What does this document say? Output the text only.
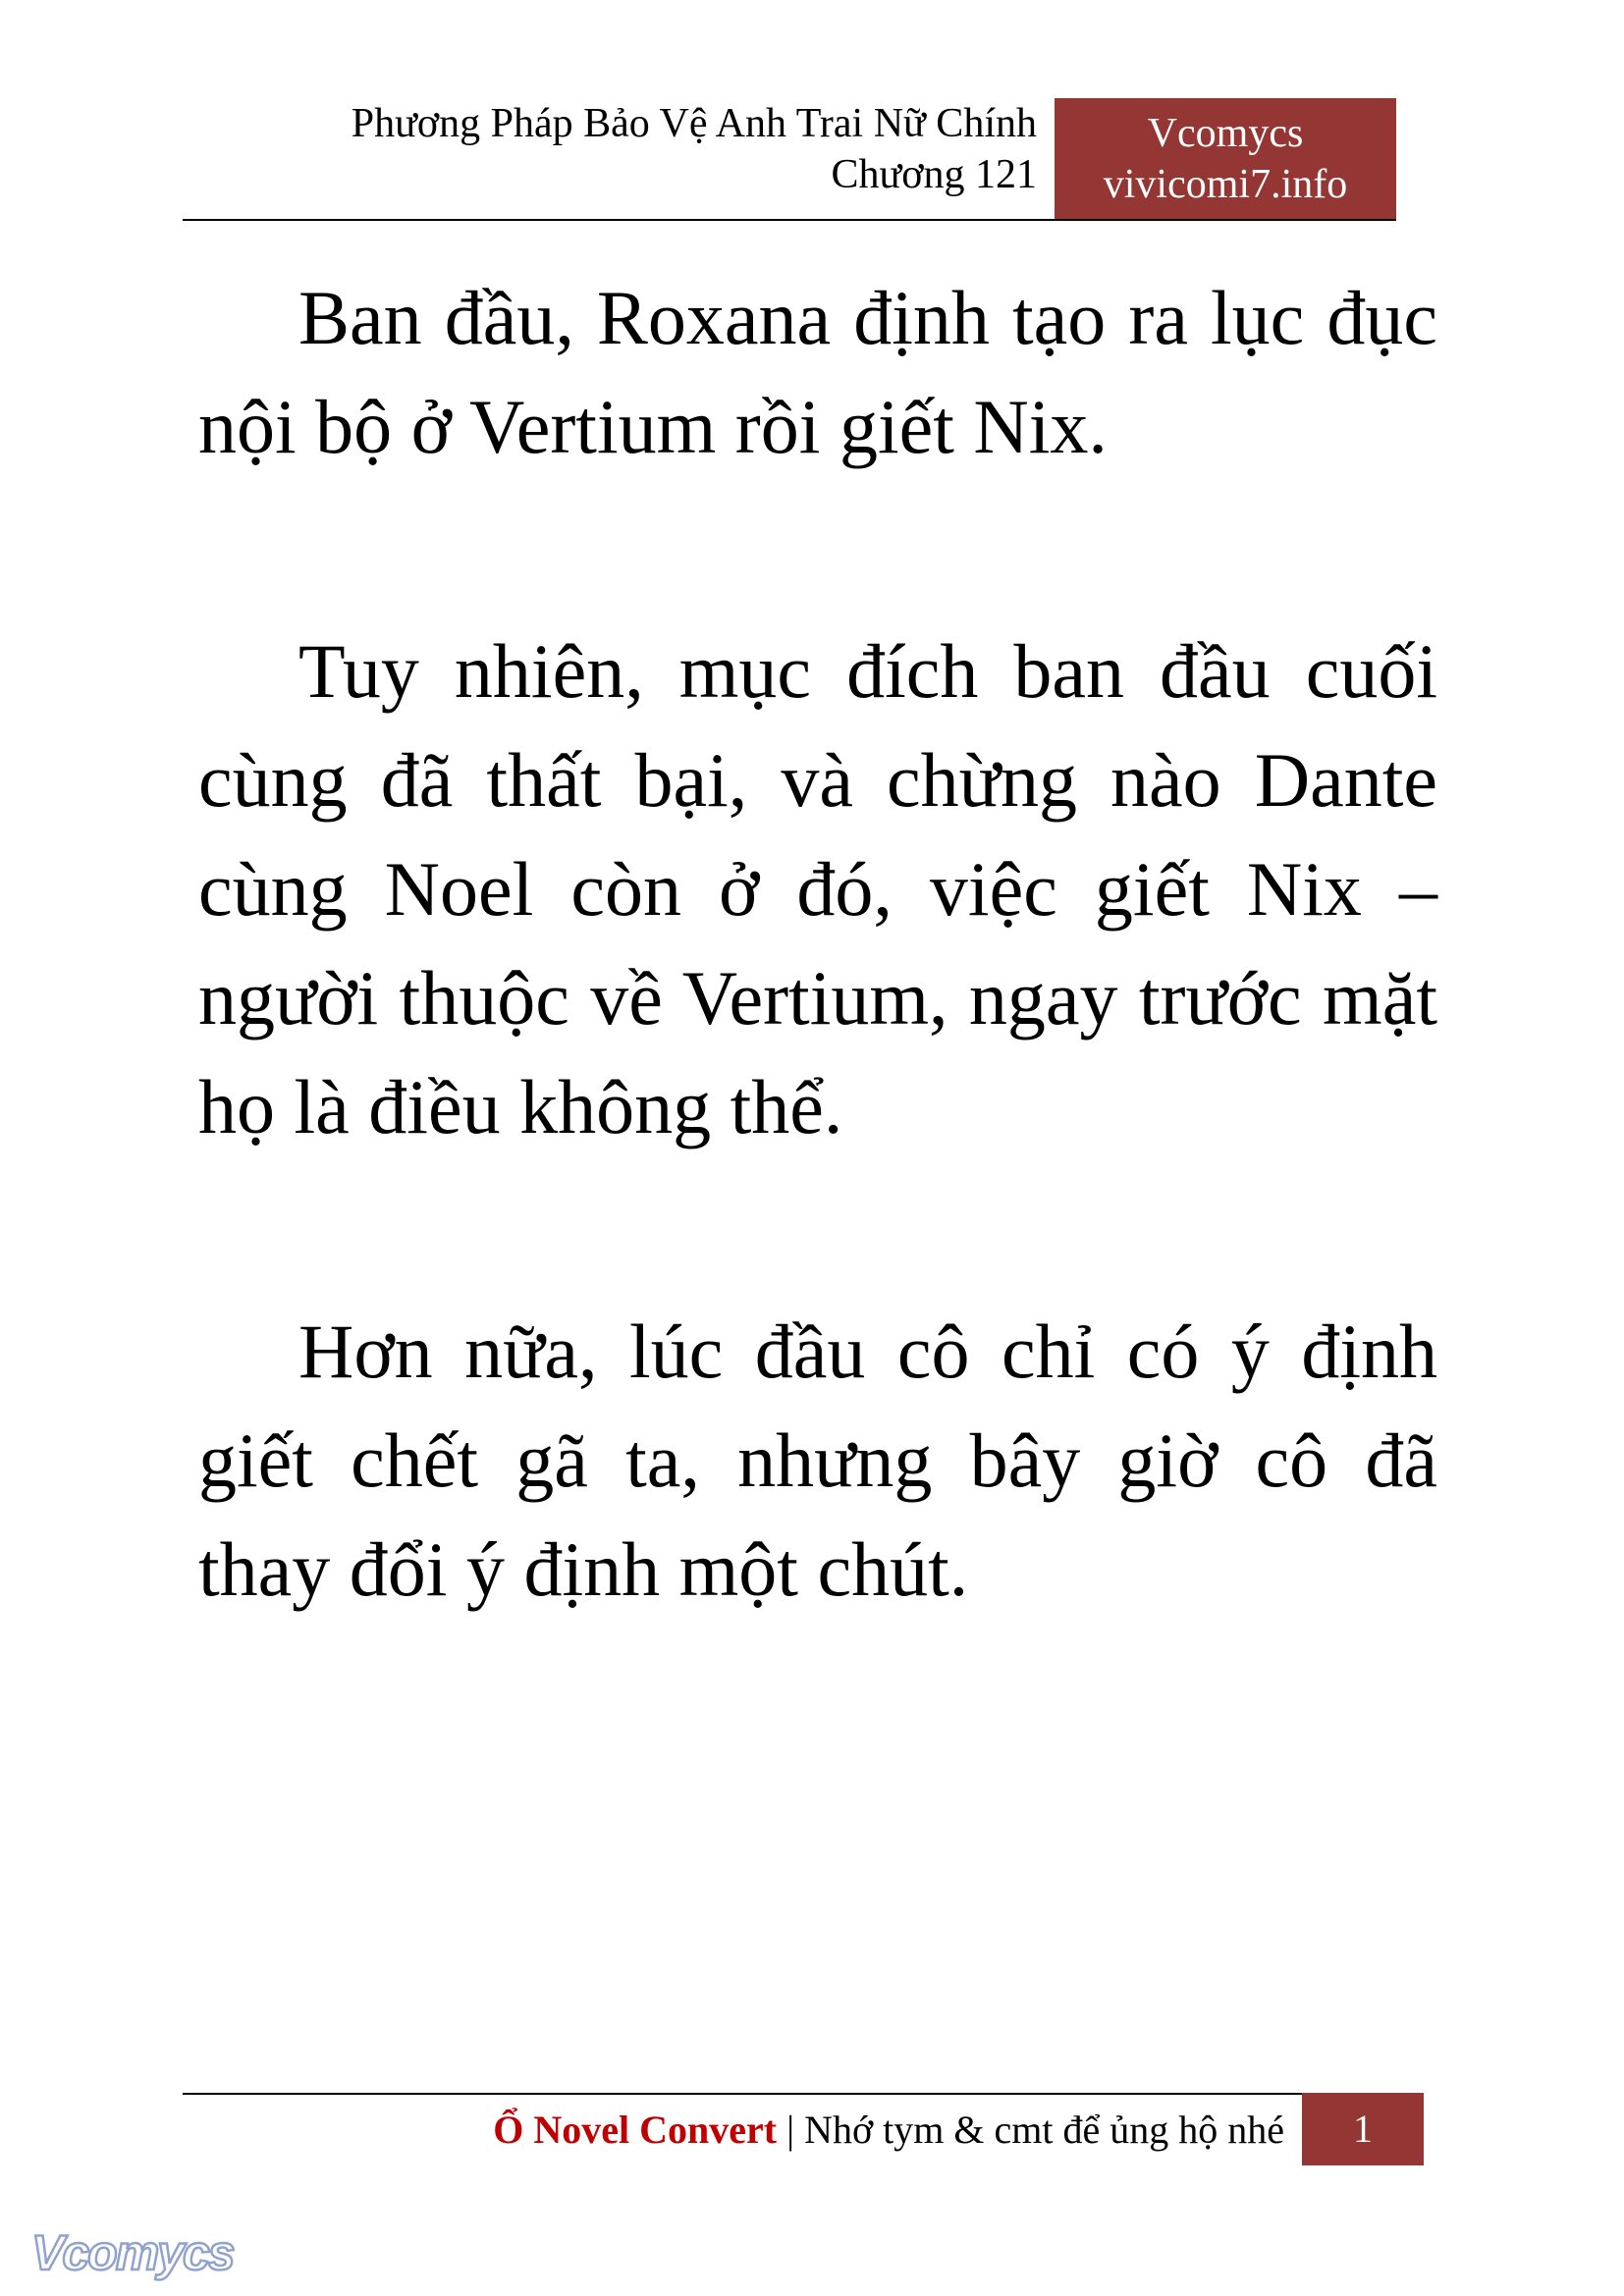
Phương Pháp Bảo Vệ Anh Trai Nữ Chính
Chương 121
Vcomycs
vivicomi7.info

Ban đầu, Roxana định tạo ra lục đục nội bộ ở Vertium rồi giết Nix.

Tuy nhiên, mục đích ban đầu cuối cùng đã thất bại, và chừng nào Dante cùng Noel còn ở đó, việc giết Nix – người thuộc về Vertium, ngay trước mặt họ là điều không thể.

Hơn nữa, lúc đầu cô chỉ có ý định giết chết gã ta, nhưng bây giờ cô đã thay đổi ý định một chút.

Ổ Novel Convert | Nhớ tym & cmt để ủng hộ nhé	1
Vcomycs
